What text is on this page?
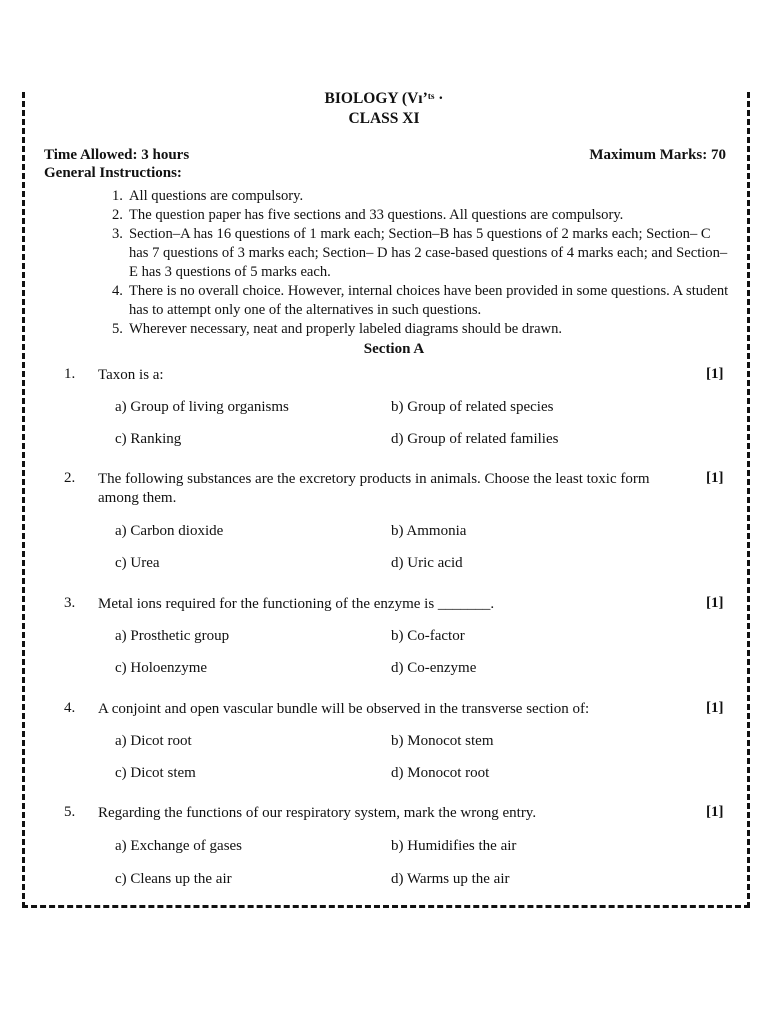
BIOLOGY (Vı’ᵗˢ ·
CLASS XI
Time Allowed: 3 hours	Maximum Marks: 70
General Instructions:
1. All questions are compulsory.
2. The question paper has five sections and 33 questions. All questions are compulsory.
3. Section–A has 16 questions of 1 mark each; Section–B has 5 questions of 2 marks each; Section– C has 7 questions of 3 marks each; Section– D has 2 case-based questions of 4 marks each; and Section–E has 3 questions of 5 marks each.
4. There is no overall choice. However, internal choices have been provided in some questions. A student has to attempt only one of the alternatives in such questions.
5. Wherever necessary, neat and properly labeled diagrams should be drawn.
Section A
1. Taxon is a:	[1]
a) Group of living organisms	b) Group of related species
c) Ranking	d) Group of related families
2. The following substances are the excretory products in animals. Choose the least toxic form among them.
[1]
a) Carbon dioxide	b) Ammonia
c) Urea	d) Uric acid
3. Metal ions required for the functioning of the enzyme is _______.	[1]
a) Prosthetic group	b) Co-factor
c) Holoenzyme	d) Co-enzyme
4. A conjoint and open vascular bundle will be observed in the transverse section of:	[1]
a) Dicot root	b) Monocot stem
c) Dicot stem	d) Monocot root
5. Regarding the functions of our respiratory system, mark the wrong entry.	[1]
a) Exchange of gases	b) Humidifies the air
c) Cleans up the air	d) Warms up the air
